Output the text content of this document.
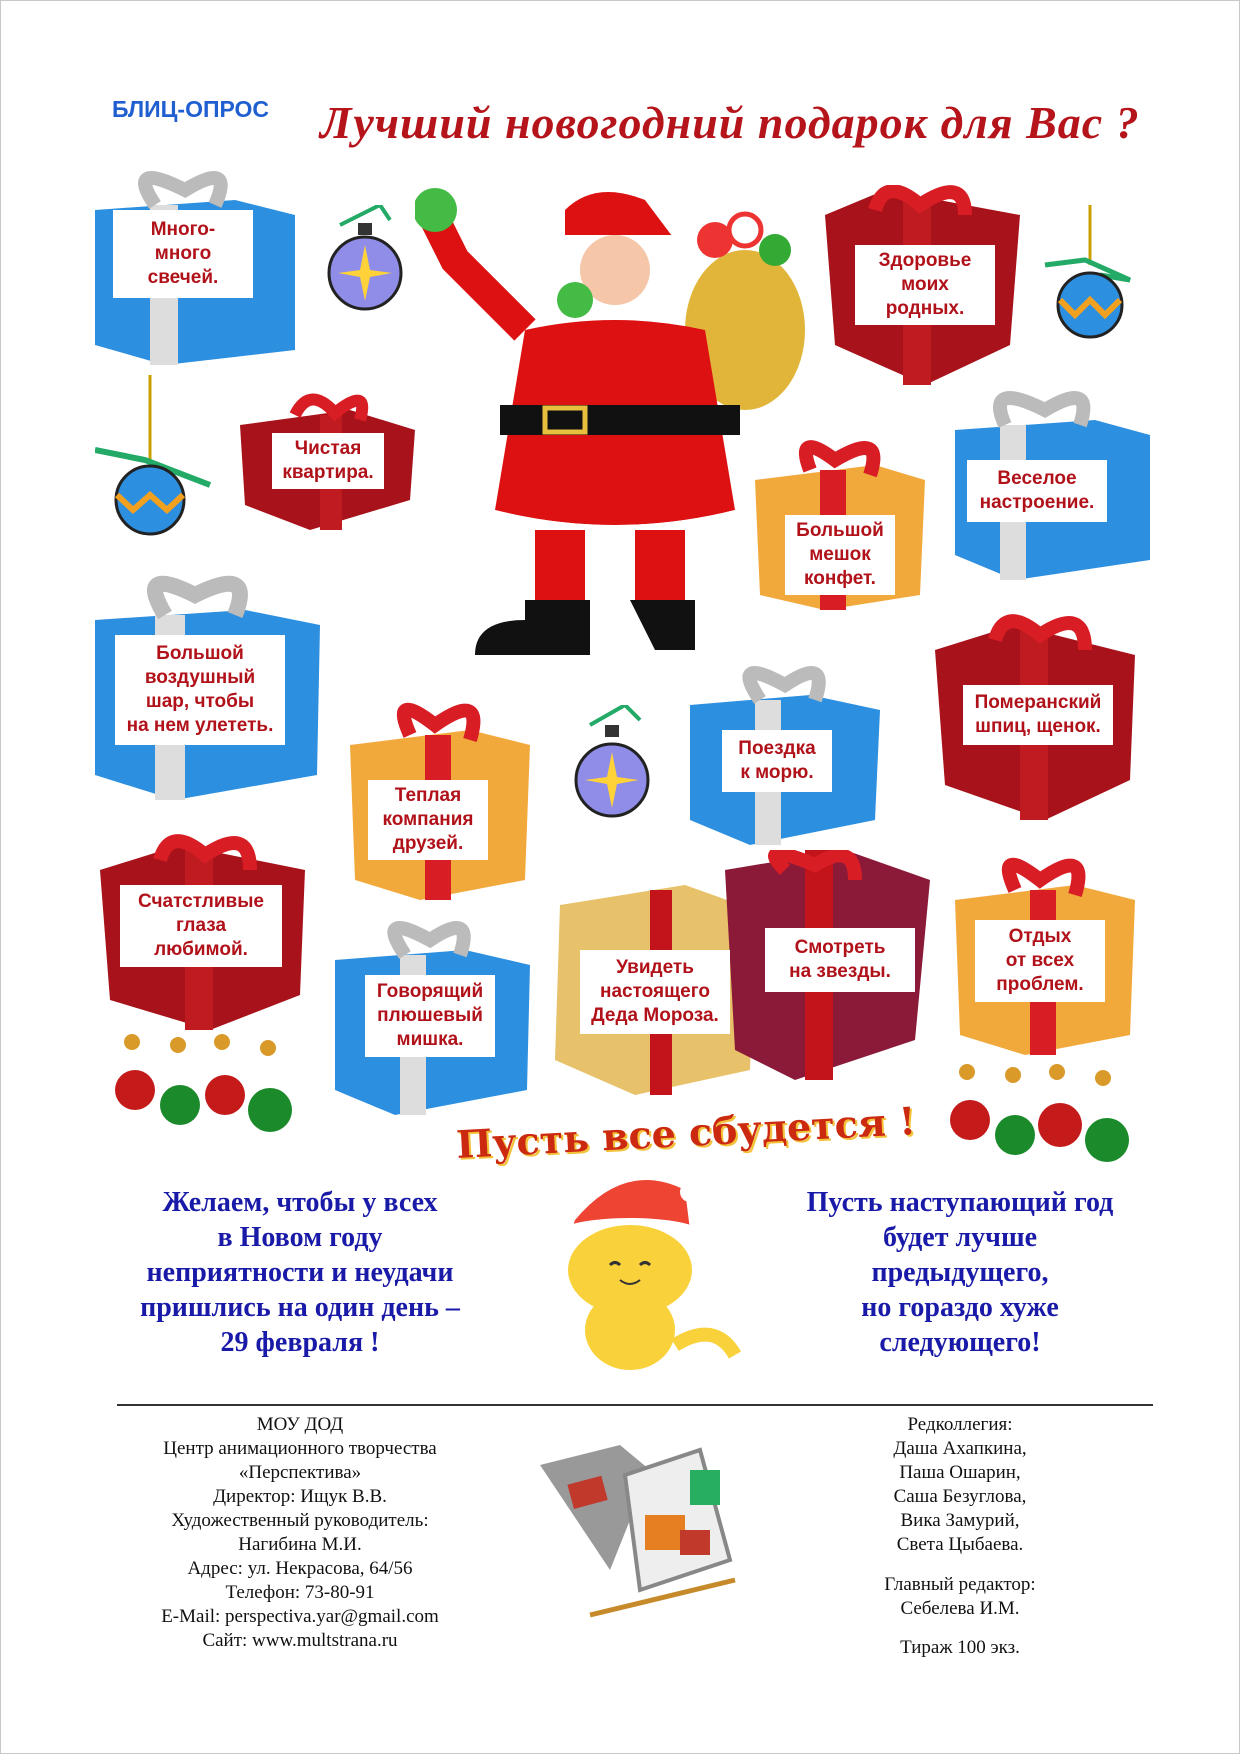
БЛИЦ-ОПРОС Лучший новогодний подарок для Вас ?
Много-
много
свечей.
Здоровье
моих
родных.
Чистая
квартира.	Веселое
настроение.
Большой
мешок
конфет.
Большой
воздушный
шар, чтобы
на нем улететь.
Померанский
шпиц, щенок.
Поездка
к морю.
Теплая
компания
друзей.
Счатстливые
глаза
любимой.
Говорящий
плюшевый
мишка.
Увидеть
настоящего
Деда Мороза.
Смотреть
на звезды.
Отдых
от всех
проблем.
Пусть все сбудется !
Желаем, чтобы у всех
в Новом году
неприятности и неудачи
пришлись на один день –
29 февраля !
Пусть наступающий год
будет лучше
предыдущего,
но гораздо хуже
следующего!
МОУ ДОД
Центр анимационного творчества
«Перспектива»
Директор: Ищук В.В.
Художественный руководитель:
Нагибина М.И.
Адрес: ул. Некрасова, 64/56
Телефон: 73-80-91
E-Mail: perspectiva.yar@gmail.com
Сайт: www.multstrana.ru
Редколлегия:
Даша Ахапкина,
Паша Ошарин,
Саша Безуглова,
Вика Замурий,
Света Цыбаева.
Главный редактор:
Себелева И.М.
Тираж 100 экз.
